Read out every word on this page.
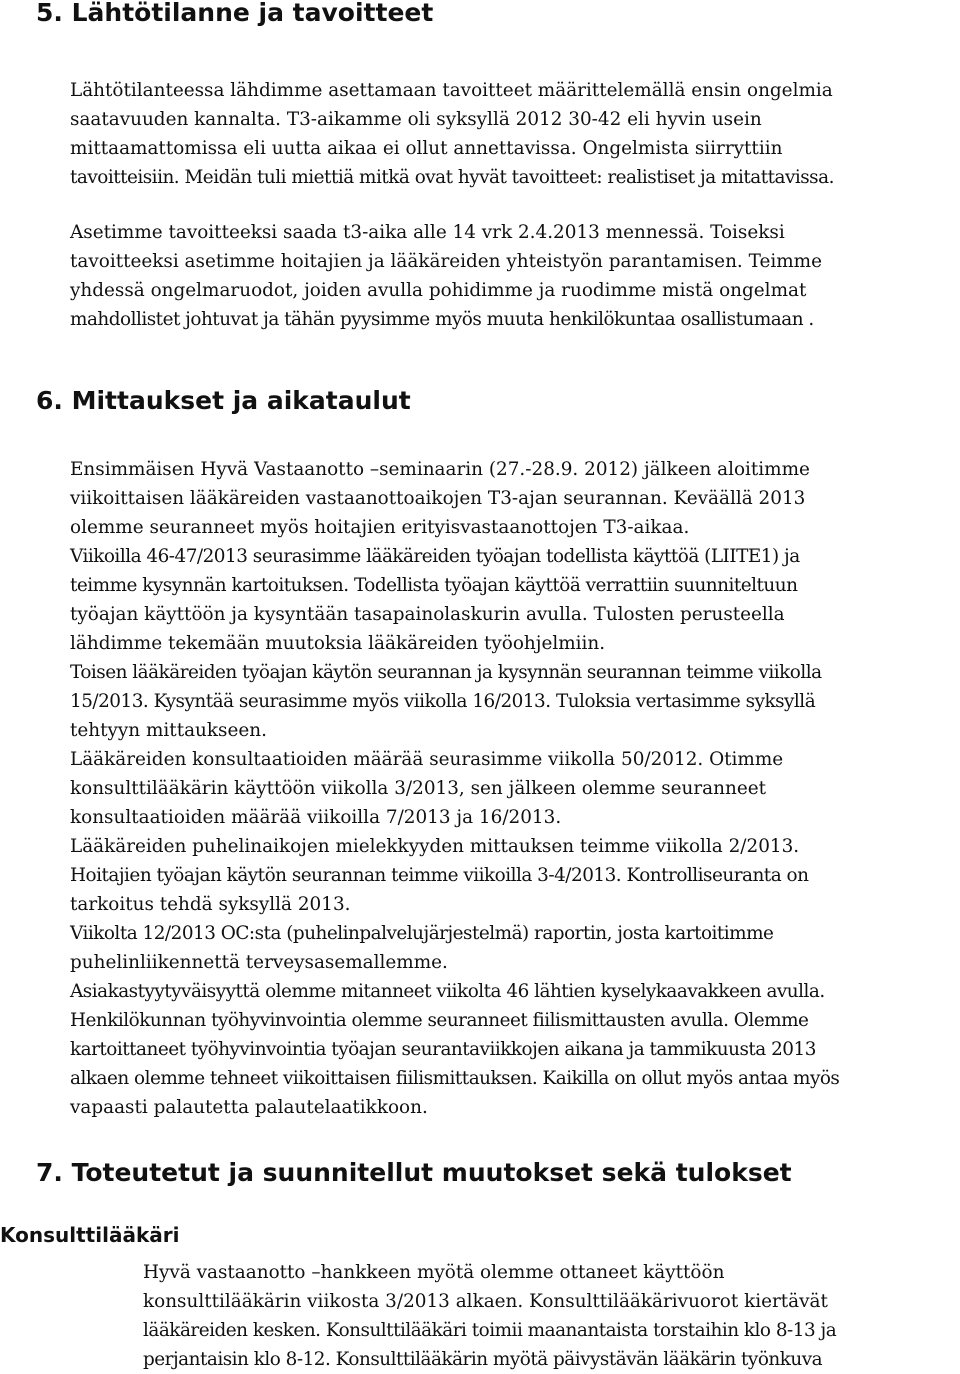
5. Lähtötilanne ja tavoitteet
Lähtötilanteessa lähdimme asettamaan tavoitteet määrittelemällä ensin ongelmia
saatavuuden kannalta. T3-aikamme oli syksyllä 2012 30-42 eli hyvin usein
mittaamattomissa eli uutta aikaa ei ollut annettavissa. Ongelmista siirryttiin
tavoitteisiin. Meidän tuli miettiä mitkä ovat hyvät tavoitteet: realistiset ja mitattavissa.
Asetimme tavoitteeksi saada t3-aika alle 14 vrk 2.4.2013 mennessä. Toiseksi
tavoitteeksi asetimme hoitajien ja lääkäreiden yhteistyön parantamisen. Teimme
yhdessä ongelmaruodot, joiden avulla pohidimme ja ruodimme mistä ongelmat
mahdollistet johtuvat ja tähän pyysimme myös muuta henkilökuntaa osallistumaan .
6. Mittaukset ja aikataulut
Ensimmäisen Hyvä Vastaanotto –seminaarin (27.-28.9. 2012) jälkeen aloitimme
viikoittaisen lääkäreiden vastaanottoaikojen T3-ajan seurannan. Keväällä 2013
olemme seuranneet myös hoitajien erityisvastaanottojen T3-aikaa.
Viikoilla 46-47/2013 seurasimme lääkäreiden työajan todellista käyttöä (LIITE1) ja
teimme kysynnän kartoituksen. Todellista työajan käyttöä verrattiin suunniteltuun
työajan käyttöön ja kysyntään tasapainolaskurin avulla. Tulosten perusteella
lähdimme tekemään muutoksia lääkäreiden työohjelmiin.
Toisen lääkäreiden työajan käytön seurannan ja kysynnän seurannan teimme viikolla
15/2013. Kysyntää seurasimme myös viikolla 16/2013. Tuloksia vertasimme syksyllä
tehtyyn mittaukseen.
Lääkäreiden konsultaatioiden määrää seurasimme viikolla 50/2012. Otimme
konsulttilääkärin käyttöön viikolla 3/2013, sen jälkeen olemme seuranneet
konsultaatioiden määrää viikoilla 7/2013 ja 16/2013.
Lääkäreiden puhelinaikojen mielekkyyden mittauksen teimme viikolla 2/2013.
Hoitajien työajan käytön seurannan teimme viikoilla 3-4/2013. Kontrolliseuranta on
tarkoitus tehdä syksyllä 2013.
Viikolta 12/2013 OC:sta (puhelinpalvelujärjestelmä) raportin, josta kartoitimme
puhelinliikennettä terveysasemallemme.
Asiakastyytyväisyyttä olemme mitanneet viikolta 46 lähtien kyselykaavakkeen avulla.
Henkilökunnan työhyvinvointia olemme seuranneet fiilismittausten avulla. Olemme
kartoittaneet työhyvinvointia työajan seurantaviikkojen aikana ja tammikuusta 2013
alkaen olemme tehneet viikoittaisen fiilismittauksen. Kaikilla on ollut myös antaa myös
vapaasti palautetta palautelaatikkoon.
7. Toteutetut ja suunnitellut muutokset sekä tulokset
Konsulttilääkäri
Hyvä vastaanotto –hankkeen myötä olemme ottaneet käyttöön
konsulttilääkärin viikosta 3/2013 alkaen. Konsulttilääkärivuorot kiertävät
lääkäreiden kesken. Konsulttilääkäri toimii maanantaista torstaihin klo 8-13 ja
perjantaisin klo 8-12. Konsulttilääkärin myötä päivystävän lääkärin työnkuva
